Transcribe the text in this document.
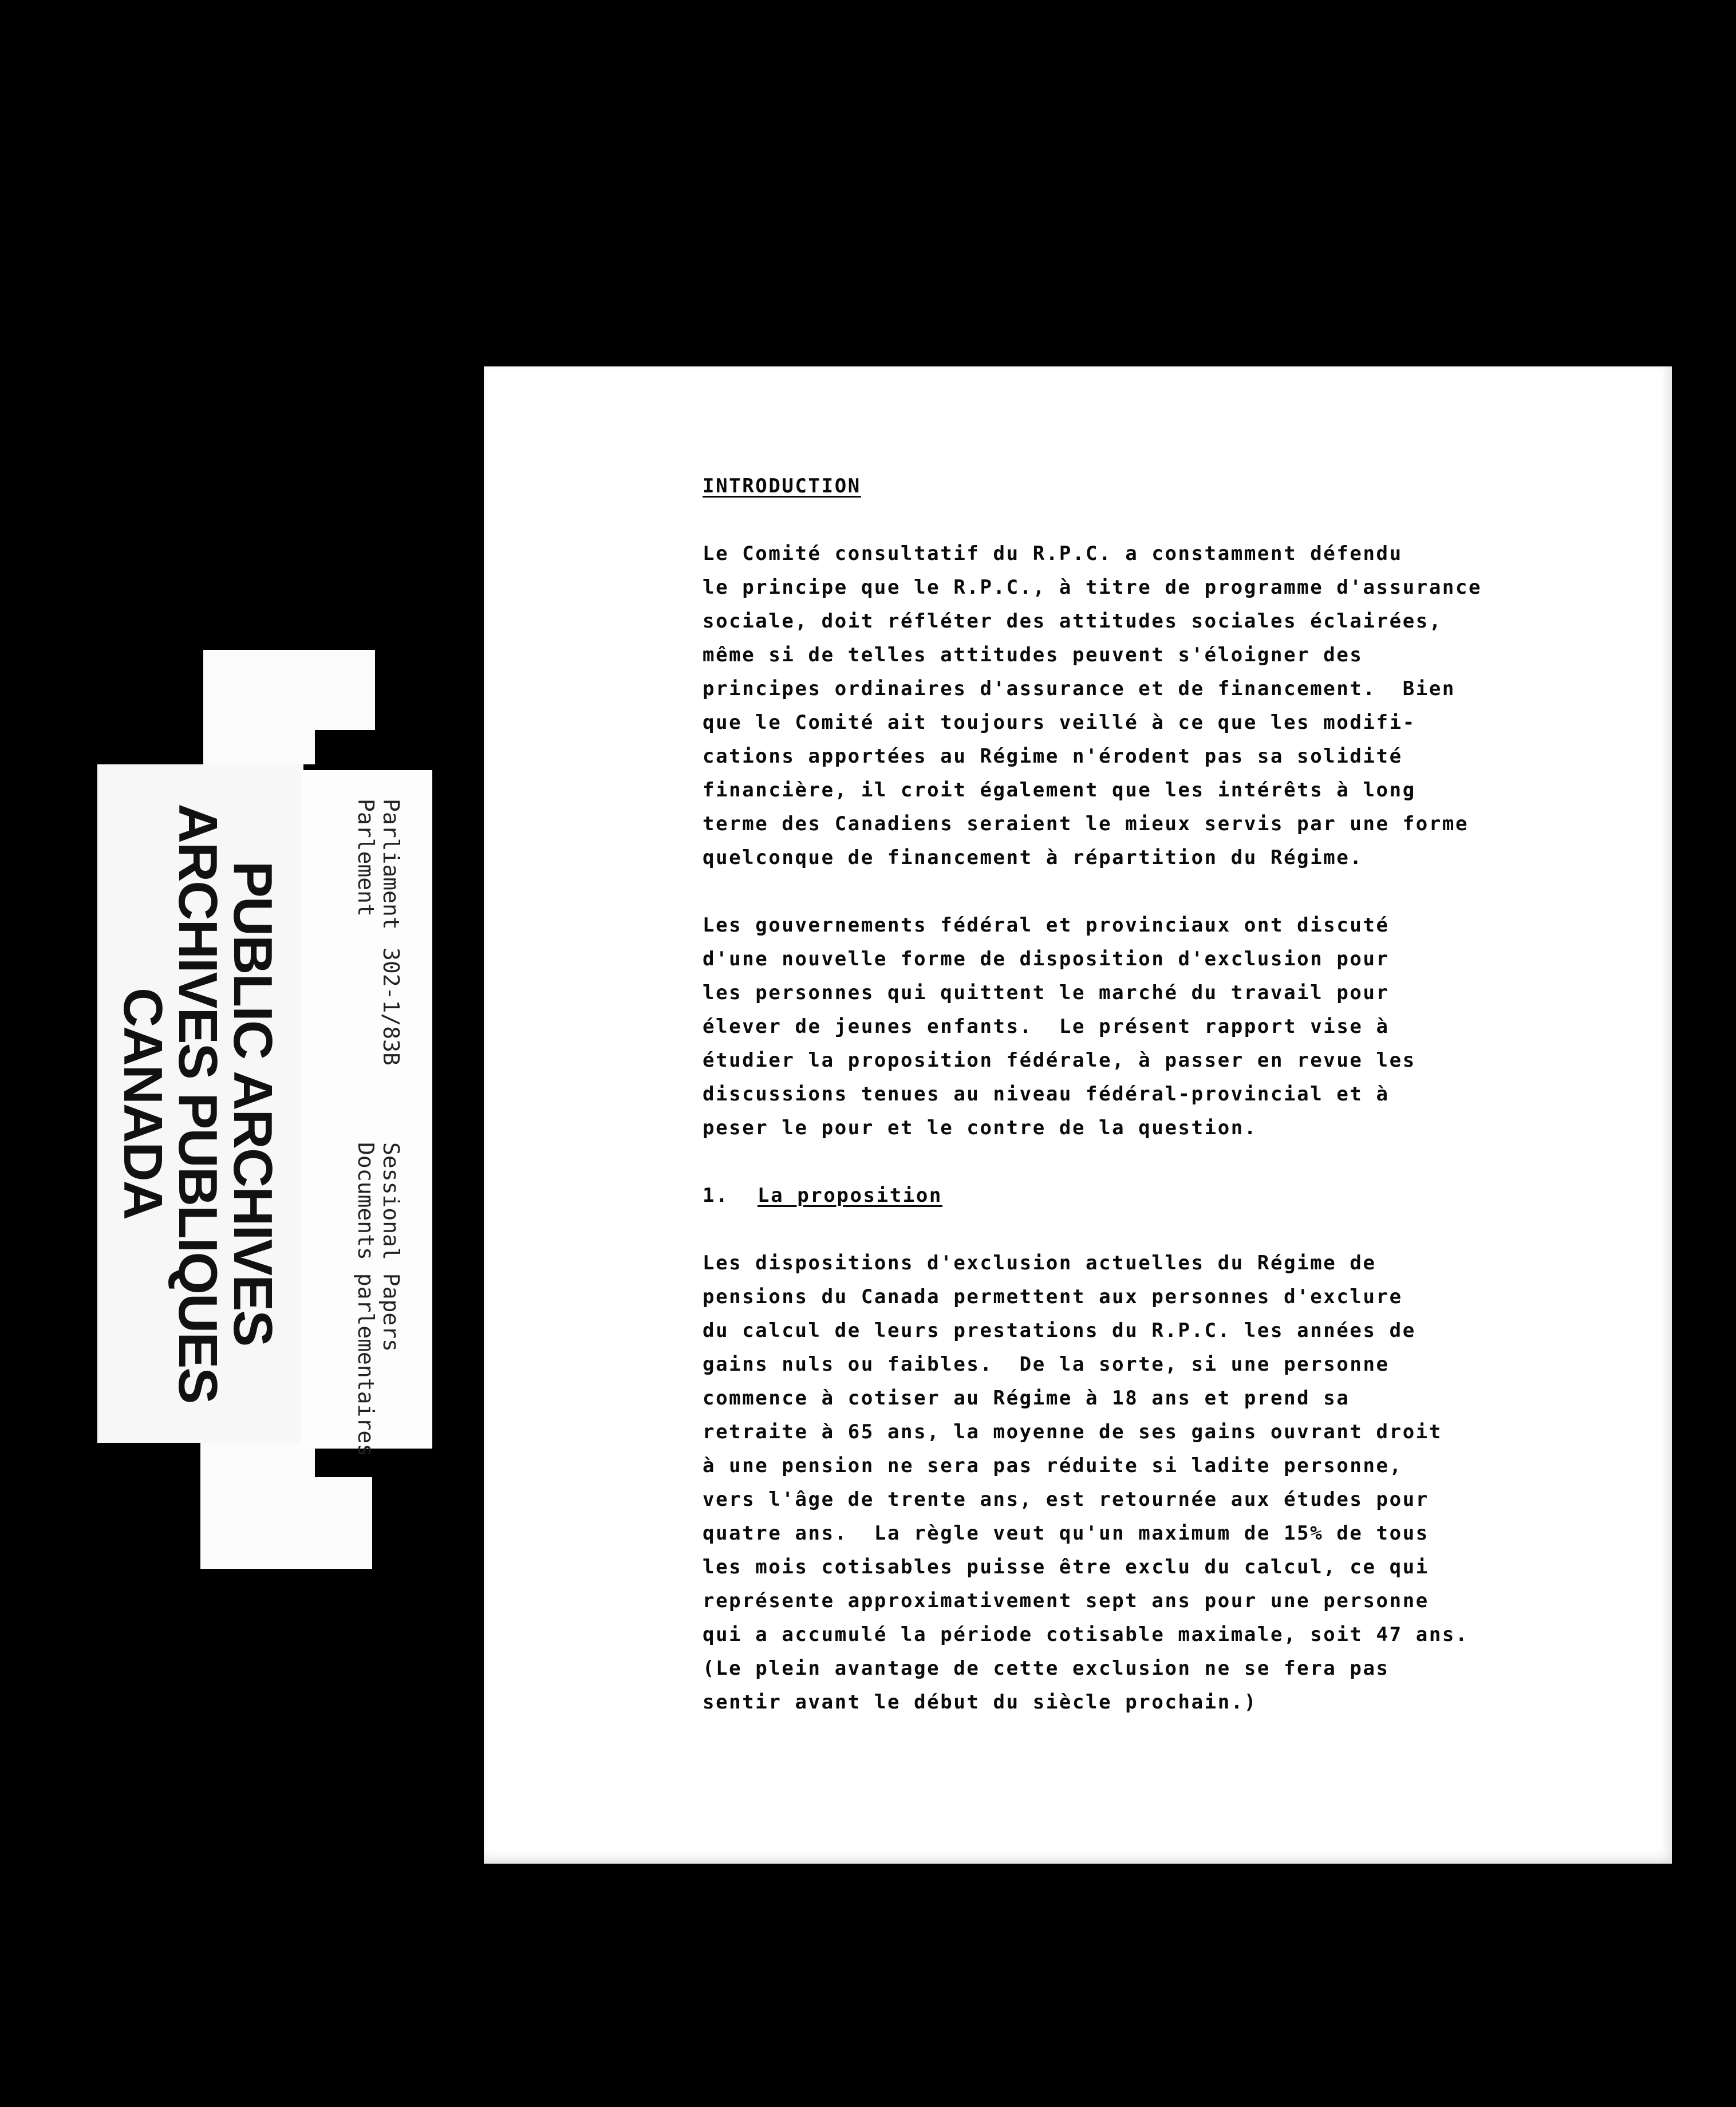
PUBLIC ARCHIVES
ARCHIVES PUBLIQUES
CANADA
Parliament
Parlement
302-1/83B
Sessional Papers
Documents parlementaires
INTRODUCTION
Le Comité consultatif du R.P.C. a constamment défendu
le principe que le R.P.C., à titre de programme d'assurance
sociale, doit réfléter des attitudes sociales éclairées,
même si de telles attitudes peuvent s'éloigner des
principes ordinaires d'assurance et de financement.  Bien
que le Comité ait toujours veillé à ce que les modifi-
cations apportées au Régime n'érodent pas sa solidité
financière, il croit également que les intérêts à long
terme des Canadiens seraient le mieux servis par une forme
quelconque de financement à répartition du Régime.
Les gouvernements fédéral et provinciaux ont discuté
d'une nouvelle forme de disposition d'exclusion pour
les personnes qui quittent le marché du travail pour
élever de jeunes enfants.  Le présent rapport vise à
étudier la proposition fédérale, à passer en revue les
discussions tenues au niveau fédéral-provincial et à
peser le pour et le contre de la question.
1. La proposition
Les dispositions d'exclusion actuelles du Régime de
pensions du Canada permettent aux personnes d'exclure
du calcul de leurs prestations du R.P.C. les années de
gains nuls ou faibles.  De la sorte, si une personne
commence à cotiser au Régime à 18 ans et prend sa
retraite à 65 ans, la moyenne de ses gains ouvrant droit
à une pension ne sera pas réduite si ladite personne,
vers l'âge de trente ans, est retournée aux études pour
quatre ans.  La règle veut qu'un maximum de 15% de tous
les mois cotisables puisse être exclu du calcul, ce qui
représente approximativement sept ans pour une personne
qui a accumulé la période cotisable maximale, soit 47 ans.
(Le plein avantage de cette exclusion ne se fera pas
sentir avant le début du siècle prochain.)
